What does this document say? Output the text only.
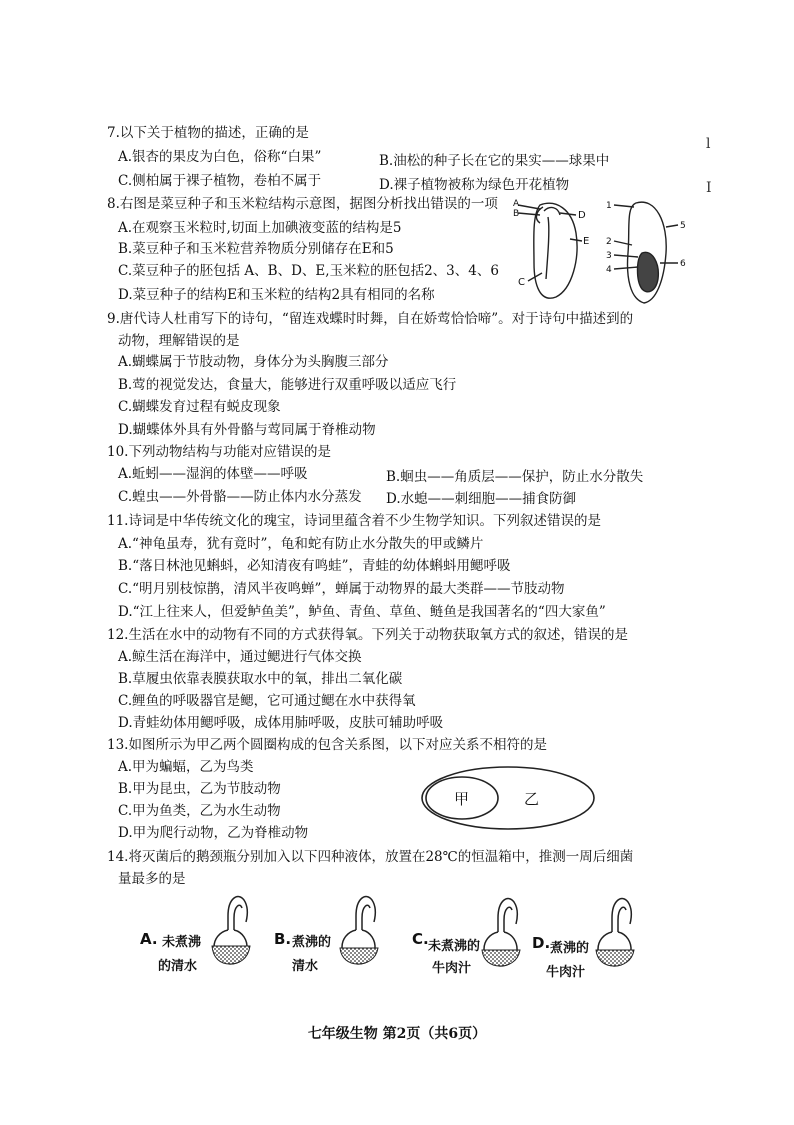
l
I
7.以下关于植物的描述，正确的是
A.银杏的果皮为白色，俗称“白果”	B.油松的种子长在它的果实——球果中
C.侧柏属于裸子植物，卷柏不属于	D.裸子植物被称为绿色开花植物
8.右图是菜豆种子和玉米粒结构示意图，据图分析找出错误的一项
A.在观察玉米粒时,切面上加碘液变蓝的结构是5
B.菜豆种子和玉米粒营养物质分别储存在E和5
C.菜豆种子的胚包括 A、B、D、E,玉米粒的胚包括2、3、4、6
D.菜豆种子的结构E和玉米粒的结构2具有相同的名称
A
B	D
E
C
1
2
3
4
5
6
9.唐代诗人杜甫写下的诗句，“留连戏蝶时时舞，自在娇莺恰恰啼”。对于诗句中描述到的
动物，理解错误的是
A.蝴蝶属于节肢动物，身体分为头胸腹三部分
B.莺的视觉发达，食量大，能够进行双重呼吸以适应飞行
C.蝴蝶发育过程有蜕皮现象
D.蝴蝶体外具有外骨骼与莺同属于脊椎动物
10.下列动物结构与功能对应错误的是
A.蚯蚓——湿润的体壁——呼吸	B.蛔虫——角质层——保护，防止水分散失
C.蝗虫——外骨骼——防止体内水分蒸发 D.水螅——刺细胞——捕食防御
11.诗词是中华传统文化的瑰宝，诗词里蕴含着不少生物学知识。下列叙述错误的是
A.“神龟虽寿，犹有竟时”，龟和蛇有防止水分散失的甲或鳞片
B.“落日林池见蝌蚪，必知清夜有鸣蛙”，青蛙的幼体蝌蚪用鳃呼吸
C.“明月别枝惊鹊，清风半夜鸣蝉”，蝉属于动物界的最大类群——节肢动物
D.“江上往来人，但爱鲈鱼美”，鲈鱼、青鱼、草鱼、鲢鱼是我国著名的“四大家鱼”
12.生活在水中的动物有不同的方式获得氧。下列关于动物获取氧方式的叙述，错误的是
A.鲸生活在海洋中，通过鳃进行气体交换
B.草履虫依靠表膜获取水中的氧，排出二氧化碳
C.鲤鱼的呼吸器官是鳃，它可通过鳃在水中获得氧
D.青蛙幼体用鳃呼吸，成体用肺呼吸，皮肤可辅助呼吸
13.如图所示为甲乙两个圆圈构成的包含关系图，以下对应关系不相符的是
A.甲为蝙蝠，乙为鸟类
B.甲为昆虫，乙为节肢动物
C.甲为鱼类，乙为水生动物
D.甲为爬行动物，乙为脊椎动物
甲	乙
14.将灭菌后的鹅颈瓶分别加入以下四种液体，放置在28℃的恒温箱中，推测一周后细菌
量最多的是
A. 未煮沸
的清水
B. 煮沸的
清水
C. 未煮沸的
牛肉汁
D. 煮沸的
牛肉汁
七年级生物 第2页（共6页）
